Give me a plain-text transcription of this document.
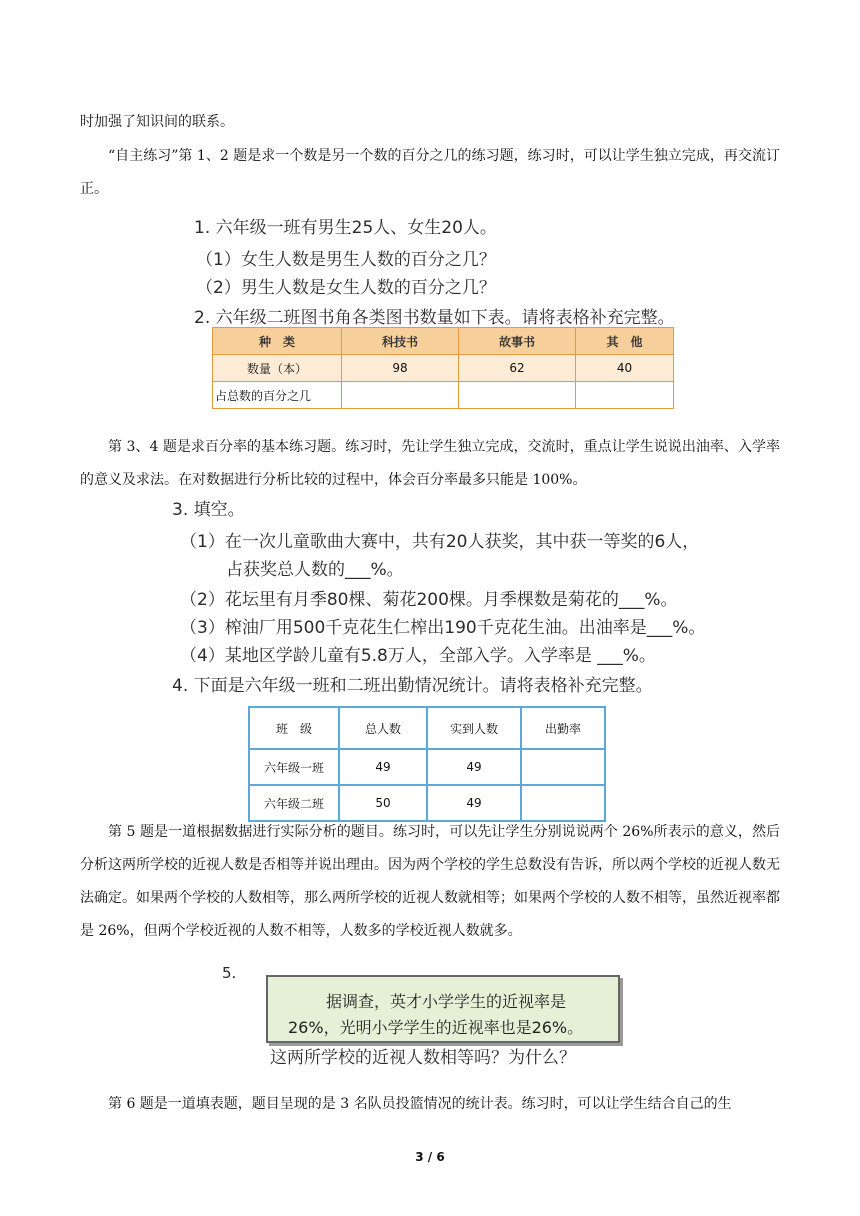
时加强了知识间的联系。

“自主练习”第 1、2 题是求一个数是另一个数的百分之几的练习题，练习时，可以让学生独立完成，再交流订正。

1. 六年级一班有男生25人、女生20人。
（1）女生人数是男生人数的百分之几？
（2）男生人数是女生人数的百分之几？
2. 六年级二班图书角各类图书数量如下表。请将表格补充完整。
种　类	科技书	故事书	其　他
数量（本）	98	62	40
占总数的百分之几			

第 3、4 题是求百分率的基本练习题。练习时，先让学生独立完成，交流时，重点让学生说说出油率、入学率的意义及求法。在对数据进行分析比较的过程中，体会百分率最多只能是 100%。

3. 填空。
（1）在一次儿童歌曲大赛中，共有20人获奖，其中获一等奖的6人，
占获奖总人数的___%。
（2）花坛里有月季80棵、菊花200棵。月季棵数是菊花的___%。
（3）榨油厂用500千克花生仁榨出190千克花生油。出油率是___%。
（4）某地区学龄儿童有5.8万人，全部入学。入学率是 ___%。
4. 下面是六年级一班和二班出勤情况统计。请将表格补充完整。
班　级	总人数	实到人数	出勤率
六年级一班	49	49	
六年级二班	50	49	

第 5 题是一道根据数据进行实际分析的题目。练习时，可以先让学生分别说说两个 26%所表示的意义，然后分析这两所学校的近视人数是否相等并说出理由。因为两个学校的学生总数没有告诉，所以两个学校的近视人数无法确定。如果两个学校的人数相等，那么两所学校的近视人数就相等；如果两个学校的人数不相等，虽然近视率都是 26%，但两个学校近视的人数不相等，人数多的学校近视人数就多。

5.
这两所学校的近视人数相等吗？为什么？
据调查，英才小学学生的近视率是
26%，光明小学学生的近视率也是26%。

第 6 题是一道填表题，题目呈现的是 3 名队员投篮情况的统计表。练习时，可以让学生结合自己的生

3 / 6
